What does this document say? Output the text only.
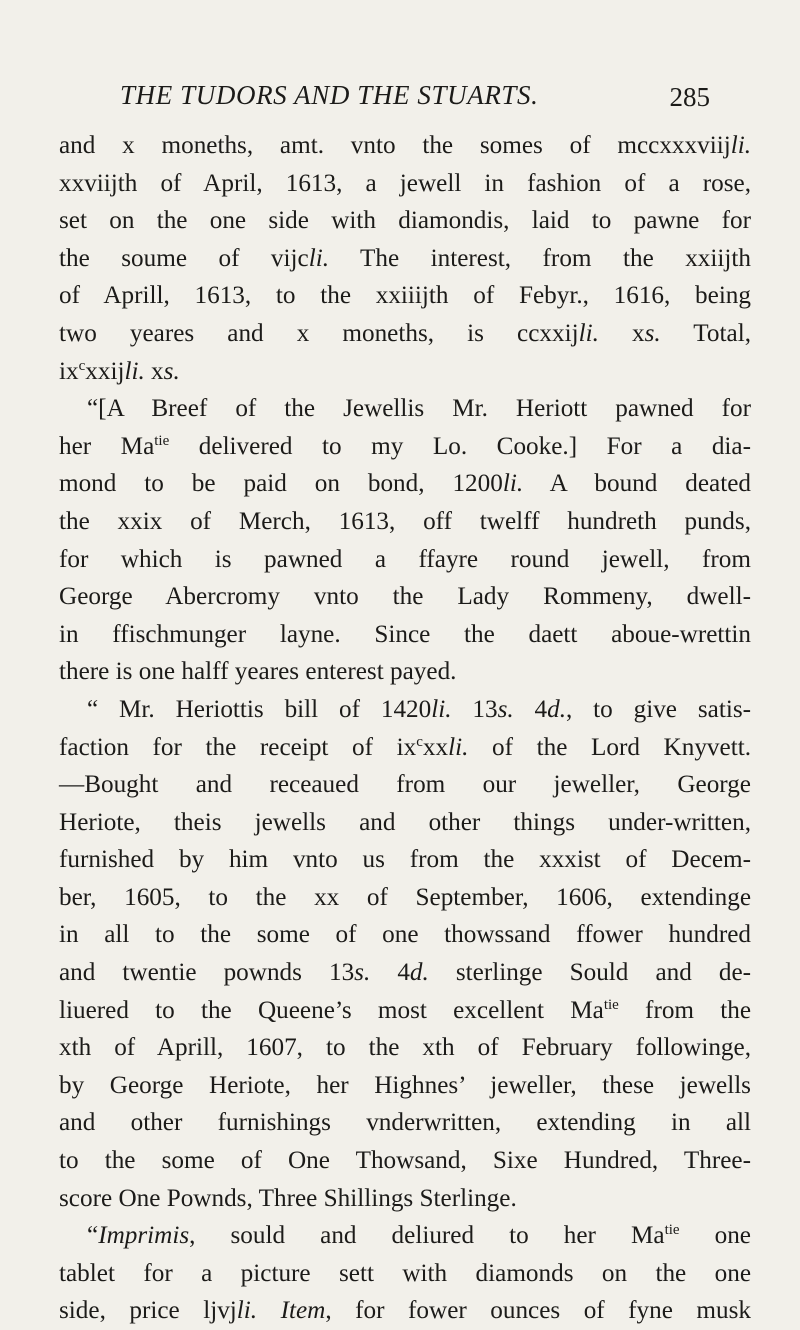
THE TUDORS AND THE STUARTS.	285
and x moneths, amt. vnto the somes of mccxxxviijli.
xxviijth of April, 1613, a jewell in fashion of a rose,
set on the one side with diamondis, laid to pawne for
the soume of vijcli. The interest, from the xxiijth
of Aprill, 1613, to the xxiiijth of Febyr., 1616, being
two yeares and x moneths, is ccxxijli. xs. Total,
$ix^cxxijli$. xs.
“[A Breef of the Jewellis Mr. Heriott pawned for
her $Ma^{tie}$ delivered to my Lo. Cooke.] For a dia-
mond to be paid on bond, 1200li. A bound deated
the xxix of Merch, 1613, off twelff hundreth punds,
for which is pawned a ffayre round jewell, from
George Abercromy vnto the Lady Rommeny, dwell-
in ffischmunger layne. Since the daett aboue-wrettin
there is one halff yeares enterest payed.
“ Mr. Heriottis bill of 1420li. 13s. 4d., to give satis-
faction for the receipt of $ix^cxxli$. of the Lord Knyvett.
—Bought and receaued from our jeweller, George
Heriote, theis jewells and other things under-written,
furnished by him vnto us from the xxxist of Decem-
ber, 1605, to the xx of September, 1606, extendinge
in all to the some of one thowssand ffower hundred
and twentie pownds 13s. 4d. sterlinge Sould and de-
liuered to the Queene’s most excellent $Ma^{tie}$ from the
xth of Aprill, 1607, to the xth of February followinge,
by George Heriote, her Highnes’ jeweller, these jewells
and other furnishings vnderwritten, extending in all
to the some of One Thowsand, Sixe Hundred, Three-
score One Pownds, Three Shillings Sterlinge.
“Imprimis, sould and deliured to her $Ma^{tie}$ one
tablet for a picture sett with diamonds on the one
side, price ljvjli. Item, for fower ounces of fyne musk
